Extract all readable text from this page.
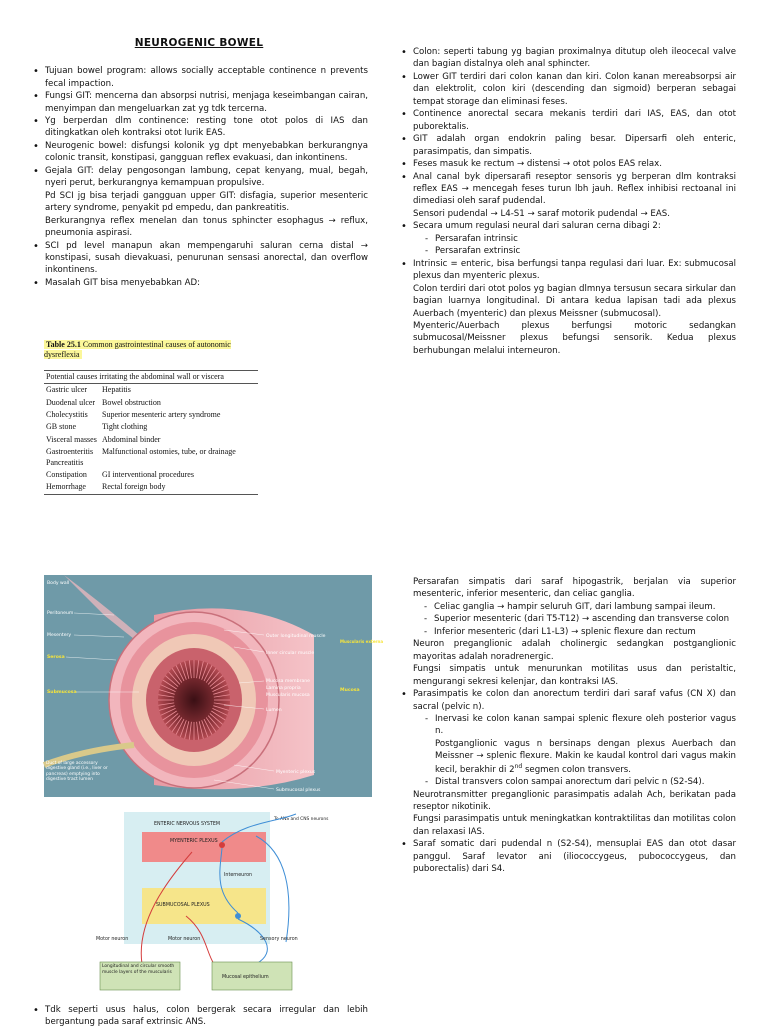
NEUROGENIC BOWEL
• Tujuan bowel program: allows socially acceptable continence n prevents fecal impaction.
• Fungsi GIT: mencerna dan absorpsi nutrisi, menjaga keseimbangan cairan, menyimpan dan mengeluarkan zat yg tdk tercerna.
• Yg berperdan dlm continence: resting tone otot polos di IAS dan ditingkatkan oleh kontraksi otot lurik EAS.
• Neurogenic bowel: disfungsi kolonik yg dpt menyebabkan berkurangnya colonic transit, konstipasi, gangguan reflex evakuasi, dan inkontinens.
• Gejala GIT: delay pengosongan lambung, cepat kenyang, mual, begah, nyeri perut, berkurangnya kemampuan propulsive.
Pd SCI jg bisa terjadi gangguan upper GIT: disfagia, superior mesenteric artery syndrome, penyakit pd empedu, dan pankreatitis.
Berkurangnya reflex menelan dan tonus sphincter esophagus → reflux, pneumonia aspirasi.
• SCI pd level manapun akan mempengaruhi saluran cerna distal → konstipasi, susah dievakuasi, penurunan sensasi anorectal, dan overflow inkontinens.
• Masalah GIT bisa menyebabkan AD:
Table 25.1 Common gastrointestinal causes of autonomic dysreflexia
Potential causes irritating the abdominal wall or viscera	
Gastric ulcer	Hepatitis
Duodenal ulcer	Bowel obstruction
Cholecystitis	Superior mesenteric artery syndrome
GB stone	Tight clothing
Visceral masses	Abdominal binder
Gastroenteritis Pancreatitis	Malfunctional ostomies, tube, or drainage
Constipation	GI interventional procedures
Hemorrhage	Rectal foreign body
• Colon: seperti tabung yg bagian proximalnya ditutup oleh ileocecal valve dan bagian distalnya oleh anal sphincter.
• Lower GIT terdiri dari colon kanan dan kiri. Colon kanan mereabsorpsi air dan elektrolit, colon kiri (descending dan sigmoid) berperan sebagai tempat storage dan eliminasi feses.
• Continence anorectal secara mekanis terdiri dari IAS, EAS, dan otot puborektalis.
• GIT adalah organ endokrin paling besar. Dipersarfi oleh enteric, parasimpatis, dan simpatis.
• Feses masuk ke rectum → distensi → otot polos EAS relax.
• Anal canal byk dipersarafi reseptor sensoris yg berperan dlm kontraksi reflex EAS → mencegah feses turun lbh jauh. Reflex inhibisi rectoanal ini dimediasi oleh saraf pudendal.
Sensori pudendal → L4-S1 → saraf motorik pudendal → EAS.
• Secara umum regulasi neural dari saluran cerna dibagi 2:
- Persarafan intrinsic
- Persarafan extrinsic
• Intrinsic = enteric, bisa berfungsi tanpa regulasi dari luar. Ex: submucosal plexus dan myenteric plexus.
Colon terdiri dari otot polos yg bagian dlmnya tersusun secara sirkular dan bagian luarnya longitudinal. Di antara kedua lapisan tadi ada plexus Auerbach (myenteric) dan plexus Meissner (submucosal).
Myenteric/Auerbach plexus berfungsi motoric sedangkan submucosal/Meissner plexus befungsi sensorik. Kedua plexus berhubungan melalui interneuron.
Body wall
Peritoneum
Mesentery
Serosa
Submucosa
Duct of large accessory digestive gland (i.e., liver or pancreas) emptying into digestive tract lumen
Outer longitudinal muscle
Inner circular muscle
Muscularis externa
Mucosa membrane
Lamina propria
Muscularis mucosa
Mucosa
Lumen
Myenteric plexus
Submucosal plexus
ENTERIC NERVOUS SYSTEM
To ANS and CNS neurons
MYENTERIC PLEXUS
SUBMUCOSAL PLEXUS
Interneuron
Motor neuron	Motor neuron	Sensory neuron
Longitudinal and circular smooth muscle layers of the muscularis
Mucosal epithelium
Persarafan simpatis dari saraf hipogastrik, berjalan via superior mesenteric, inferior mesenteric, dan celiac ganglia.
- Celiac ganglia → hampir seluruh GIT, dari lambung sampai ileum.
- Superior mesenteric (dari T5-T12) → ascending dan transverse colon
- Inferior mesenteric (dari L1-L3) → splenic flexure dan rectum
Neuron preganglionic adalah cholinergic sedangkan postganglionic mayoritas adalah noradrenergic.
Fungsi simpatis untuk menurunkan motilitas usus dan peristaltic, mengurangi sekresi kelenjar, dan kontraksi IAS.
• Parasimpatis ke colon dan anorectum terdiri dari saraf vafus (CN X) dan sacral (pelvic n).
- Inervasi ke colon kanan sampai splenic flexure oleh posterior vagus n.
Postganglionic vagus n bersinaps dengan plexus Auerbach dan Meissner → splenic flexure. Makin ke kaudal kontrol dari vagus makin kecil, berakhir di 2nd segmen colon transvers.
- Distal transvers colon sampai anorectum dari pelvic n (S2-S4).
Neurotransmitter preganglionic parasimpatis adalah Ach, berikatan pada reseptor nikotinik.
Fungsi parasimpatis untuk meningkatkan kontraktilitas dan motilitas colon dan relaxasi IAS.
• Saraf somatic dari pudendal n (S2-S4), mensuplai EAS dan otot dasar panggul. Saraf levator ani (iliococcygeus, pubococcygeus, dan puborectalis) dari S4.
• Tdk seperti usus halus, colon bergerak secara irregular dan lebih bergantung pada saraf extrinsic ANS.
